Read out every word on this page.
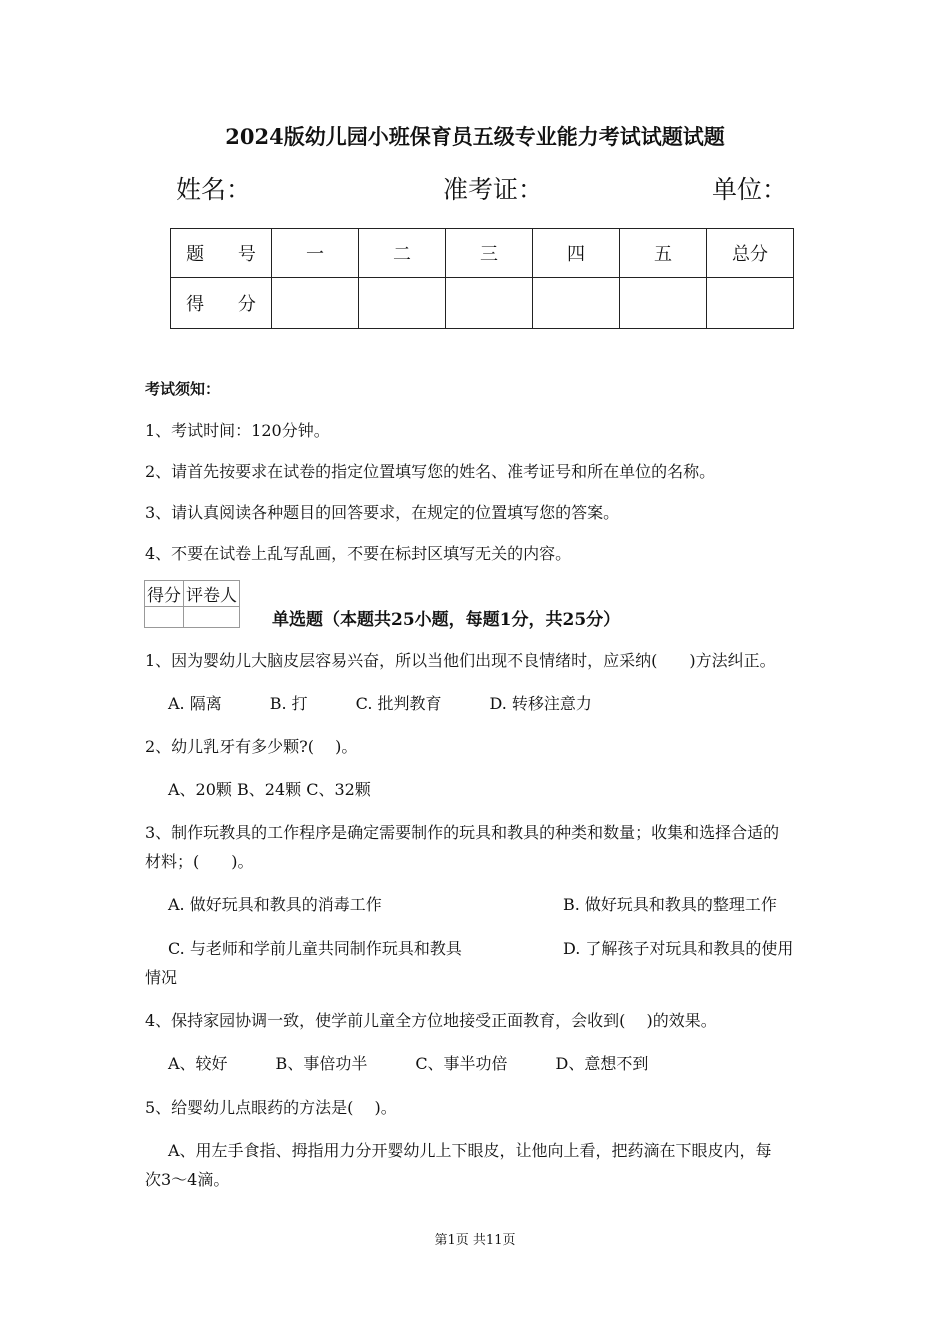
2024版幼儿园小班保育员五级专业能力考试试题试题
姓名：	准考证：	单位：
题 号	一	二	三	四	五	总分
得 分						
考试须知：
1、考试时间：120分钟。
2、请首先按要求在试卷的指定位置填写您的姓名、准考证号和所在单位的名称。
3、请认真阅读各种题目的回答要求，在规定的位置填写您的答案。
4、不要在试卷上乱写乱画，不要在标封区填写无关的内容。
得分	评卷人

单选题（本题共25小题，每题1分，共25分）
1、因为婴幼儿大脑皮层容易兴奋，所以当他们出现不良情绪时，应采纳(　　)方法纠正。
A. 隔离　　　B. 打　　　C. 批判教育　　　D. 转移注意力
2、幼儿乳牙有多少颗?(　 )。
A、20颗 B、24颗 C、32颗
3、制作玩教具的工作程序是确定需要制作的玩具和教具的种类和数量；收集和选择合适的
材料；(　　)。
A. 做好玩具和教具的消毒工作	B. 做好玩具和教具的整理工作
C. 与老师和学前儿童共同制作玩具和教具	D. 了解孩子对玩具和教具的使用
情况
4、保持家园协调一致，使学前儿童全方位地接受正面教育，会收到(　 )的效果。
A、较好　　　B、事倍功半　　　C、事半功倍　　　D、意想不到
5、给婴幼儿点眼药的方法是(　 )。
A、用左手食指、拇指用力分开婴幼儿上下眼皮，让他向上看，把药滴在下眼皮内，每
次3～4滴。
第1页 共11页
